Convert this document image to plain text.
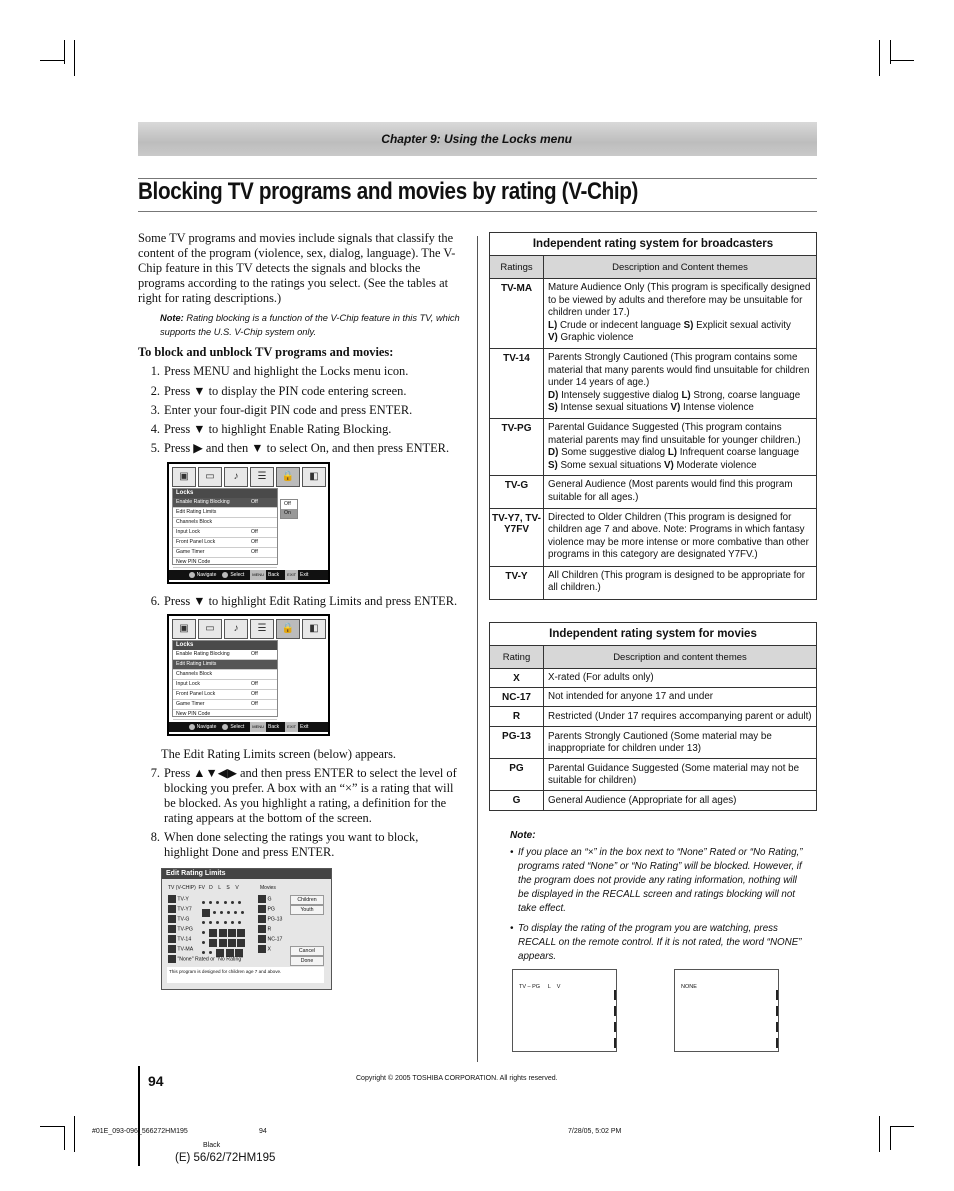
Chapter 9: Using the Locks menu
Blocking TV programs and movies by rating (V-Chip)
Some TV programs and movies include signals that classify the content of the program (violence, sex, dialog, language). The V-Chip feature in this TV detects the signals and blocks the programs according to the ratings you select. (See the tables at right for rating descriptions.)
Note: Rating blocking is a function of the V-Chip feature in this TV, which supports the U.S. V-Chip system only.
To block and unblock TV programs and movies:
1. Press MENU and highlight the Locks menu icon.
2. Press ▼ to display the PIN code entering screen.
3. Enter your four-digit PIN code and press ENTER.
4. Press ▼ to highlight Enable Rating Blocking.
5. Press ▶ and then ▼ to select On, and then press ENTER.
▣	▭	♪	☰	🔒	◧
Locks
Enable Rating Blocking	Off
Edit Rating Limits
Channels Block
Input Lock	Off
Front Panel Lock	Off
Game Timer	Off
New PIN Code
Off
On
Navigate	Select	MENU Back	EXIT Exit
6. Press ▼ to highlight Edit Rating Limits and press ENTER.
▣	▭	♪	☰	🔒	◧
Locks
Enable Rating Blocking	Off
Edit Rating Limits
Channels Block
Input Lock	Off
Front Panel Lock	Off
Game Timer	Off
New PIN Code
Navigate	Select	MENU Back	EXIT Exit
The Edit Rating Limits screen (below) appears.
7. Press ▲▼◀▶ and then press ENTER to select the level of blocking you prefer. A box with an “×” is a rating that will be blocked. As you highlight a rating, a definition for the rating appears at the bottom of the screen.
8. When done selecting the ratings you want to block, highlight Done and press ENTER.
Edit Rating Limits
TV (V-CHIP)  FV   D    L    S    V	Movies
TV-Y
TV-Y7
TV-G
TV-PG
TV-14
TV-MA

G
PG
PG-13
R
NC-17
X
"None" Rated or "No Rating"
Children
Youth
Cancel
Done
This program is designed for children age 7 and above.
Independent rating system for broadcasters	
Ratings	Description and Content themes
TV-MA	Mature Audience Only (This program is specifically designed to be viewed by adults and therefore may be unsuitable for children under 17.)
L) Crude or indecent language S) Explicit sexual activity
V) Graphic violence
TV-14	Parents Strongly Cautioned (This program contains some material that many parents would find unsuitable for children under 14 years of age.)
D) Intensely suggestive dialog L) Strong, coarse language
S) Intense sexual situations V) Intense violence
TV-PG	Parental Guidance Suggested (This program contains material parents may find unsuitable for younger children.)
D) Some suggestive dialog L) Infrequent coarse language
S) Some sexual situations V) Moderate violence
TV-G	General Audience (Most parents would find this program suitable for all ages.)
TV-Y7, TV-Y7FV	Directed to Older Children (This program is designed for children age 7 and above. Note: Programs in which fantasy violence may be more intense or more combative than other programs in this category are designated Y7FV.)
TV-Y	All Children (This program is designed to be appropriate for all children.)
Independent rating system for movies	
Rating	Description and content themes
X	X-rated (For adults only)
NC-17	Not intended for anyone 17 and under
R	Restricted (Under 17 requires accompanying parent or adult)
PG-13	Parents Strongly Cautioned (Some material may be inappropriate for children under 13)
PG	Parental Guidance Suggested (Some material may not be suitable for children)
G	General Audience (Appropriate for all ages)
Note:
• If you place an “×” in the box next to “None” Rated or “No Rating,” programs rated “None” or “No Rating” will be blocked. However, if the program does not provide any rating information, nothing will be displayed in the RECALL screen and ratings blocking will not take effect.
• To display the rating of the program you are watching, press RECALL on the remote control. If it is not rated, the word “NONE” appears.
TV – PG     L    V	NONE
94	Copyright © 2005 TOSHIBA CORPORATION. All rights reserved.
#01E_093-096_566272HM195	94	7/28/05, 5:02 PM
Black
(E) 56/62/72HM195
